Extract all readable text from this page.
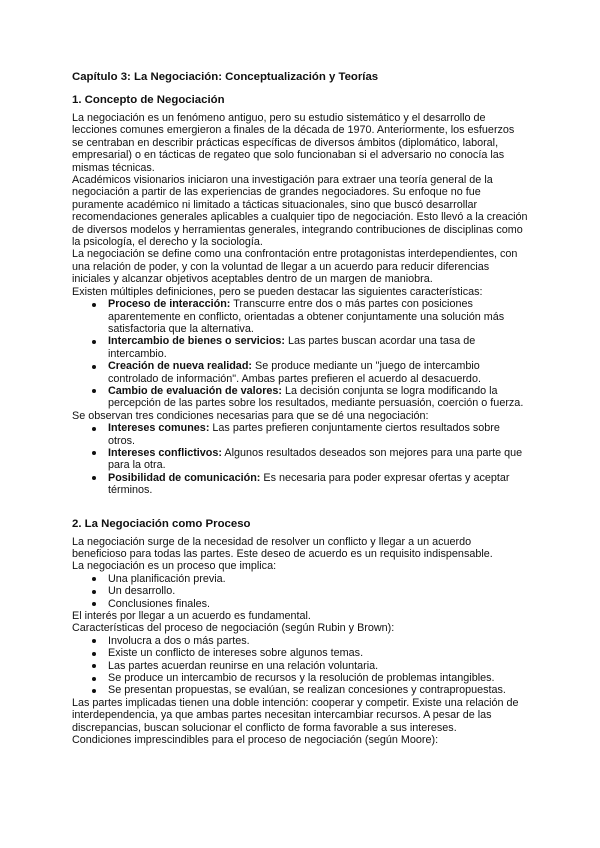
Capítulo 3: La Negociación: Conceptualización y Teorías
1. Concepto de Negociación

La negociación es un fenómeno antiguo, pero su estudio sistemático y el desarrollo de lecciones comunes emergieron a finales de la década de 1970. Anteriormente, los esfuerzos se centraban en describir prácticas específicas de diversos ámbitos (diplomático, laboral, empresarial) o en tácticas de regateo que solo funcionaban si el adversario no conocía las mismas técnicas.

Académicos visionarios iniciaron una investigación para extraer una teoría general de la negociación a partir de las experiencias de grandes negociadores. Su enfoque no fue puramente académico ni limitado a tácticas situacionales, sino que buscó desarrollar recomendaciones generales aplicables a cualquier tipo de negociación. Esto llevó a la creación de diversos modelos y herramientas generales, integrando contribuciones de disciplinas como la psicología, el derecho y la sociología.

La negociación se define como una confrontación entre protagonistas interdependientes, con una relación de poder, y con la voluntad de llegar a un acuerdo para reducir diferencias iniciales y alcanzar objetivos aceptables dentro de un margen de maniobra.

Existen múltiples definiciones, pero se pueden destacar las siguientes características:

Proceso de interacción: Transcurre entre dos o más partes con posiciones aparentemente en conflicto, orientadas a obtener conjuntamente una solución más satisfactoria que la alternativa.
Intercambio de bienes o servicios: Las partes buscan acordar una tasa de intercambio.
Creación de nueva realidad: Se produce mediante un "juego de intercambio controlado de información". Ambas partes prefieren el acuerdo al desacuerdo.
Cambio de evaluación de valores: La decisión conjunta se logra modificando la percepción de las partes sobre los resultados, mediante persuasión, coerción o fuerza.

Se observan tres condiciones necesarias para que se dé una negociación:

Intereses comunes: Las partes prefieren conjuntamente ciertos resultados sobre otros.
Intereses conflictivos: Algunos resultados deseados son mejores para una parte que para la otra.
Posibilidad de comunicación: Es necesaria para poder expresar ofertas y aceptar términos.
2. La Negociación como Proceso

La negociación surge de la necesidad de resolver un conflicto y llegar a un acuerdo beneficioso para todas las partes. Este deseo de acuerdo es un requisito indispensable.

La negociación es un proceso que implica:

Una planificación previa.
Un desarrollo.
Conclusiones finales.

El interés por llegar a un acuerdo es fundamental.

Características del proceso de negociación (según Rubin y Brown):

Involucra a dos o más partes.
Existe un conflicto de intereses sobre algunos temas.
Las partes acuerdan reunirse en una relación voluntaria.
Se produce un intercambio de recursos y la resolución de problemas intangibles.
Se presentan propuestas, se evalúan, se realizan concesiones y contrapropuestas.

Las partes implicadas tienen una doble intención: cooperar y competir. Existe una relación de interdependencia, ya que ambas partes necesitan intercambiar recursos. A pesar de las discrepancias, buscan solucionar el conflicto de forma favorable a sus intereses.

Condiciones imprescindibles para el proceso de negociación (según Moore):
